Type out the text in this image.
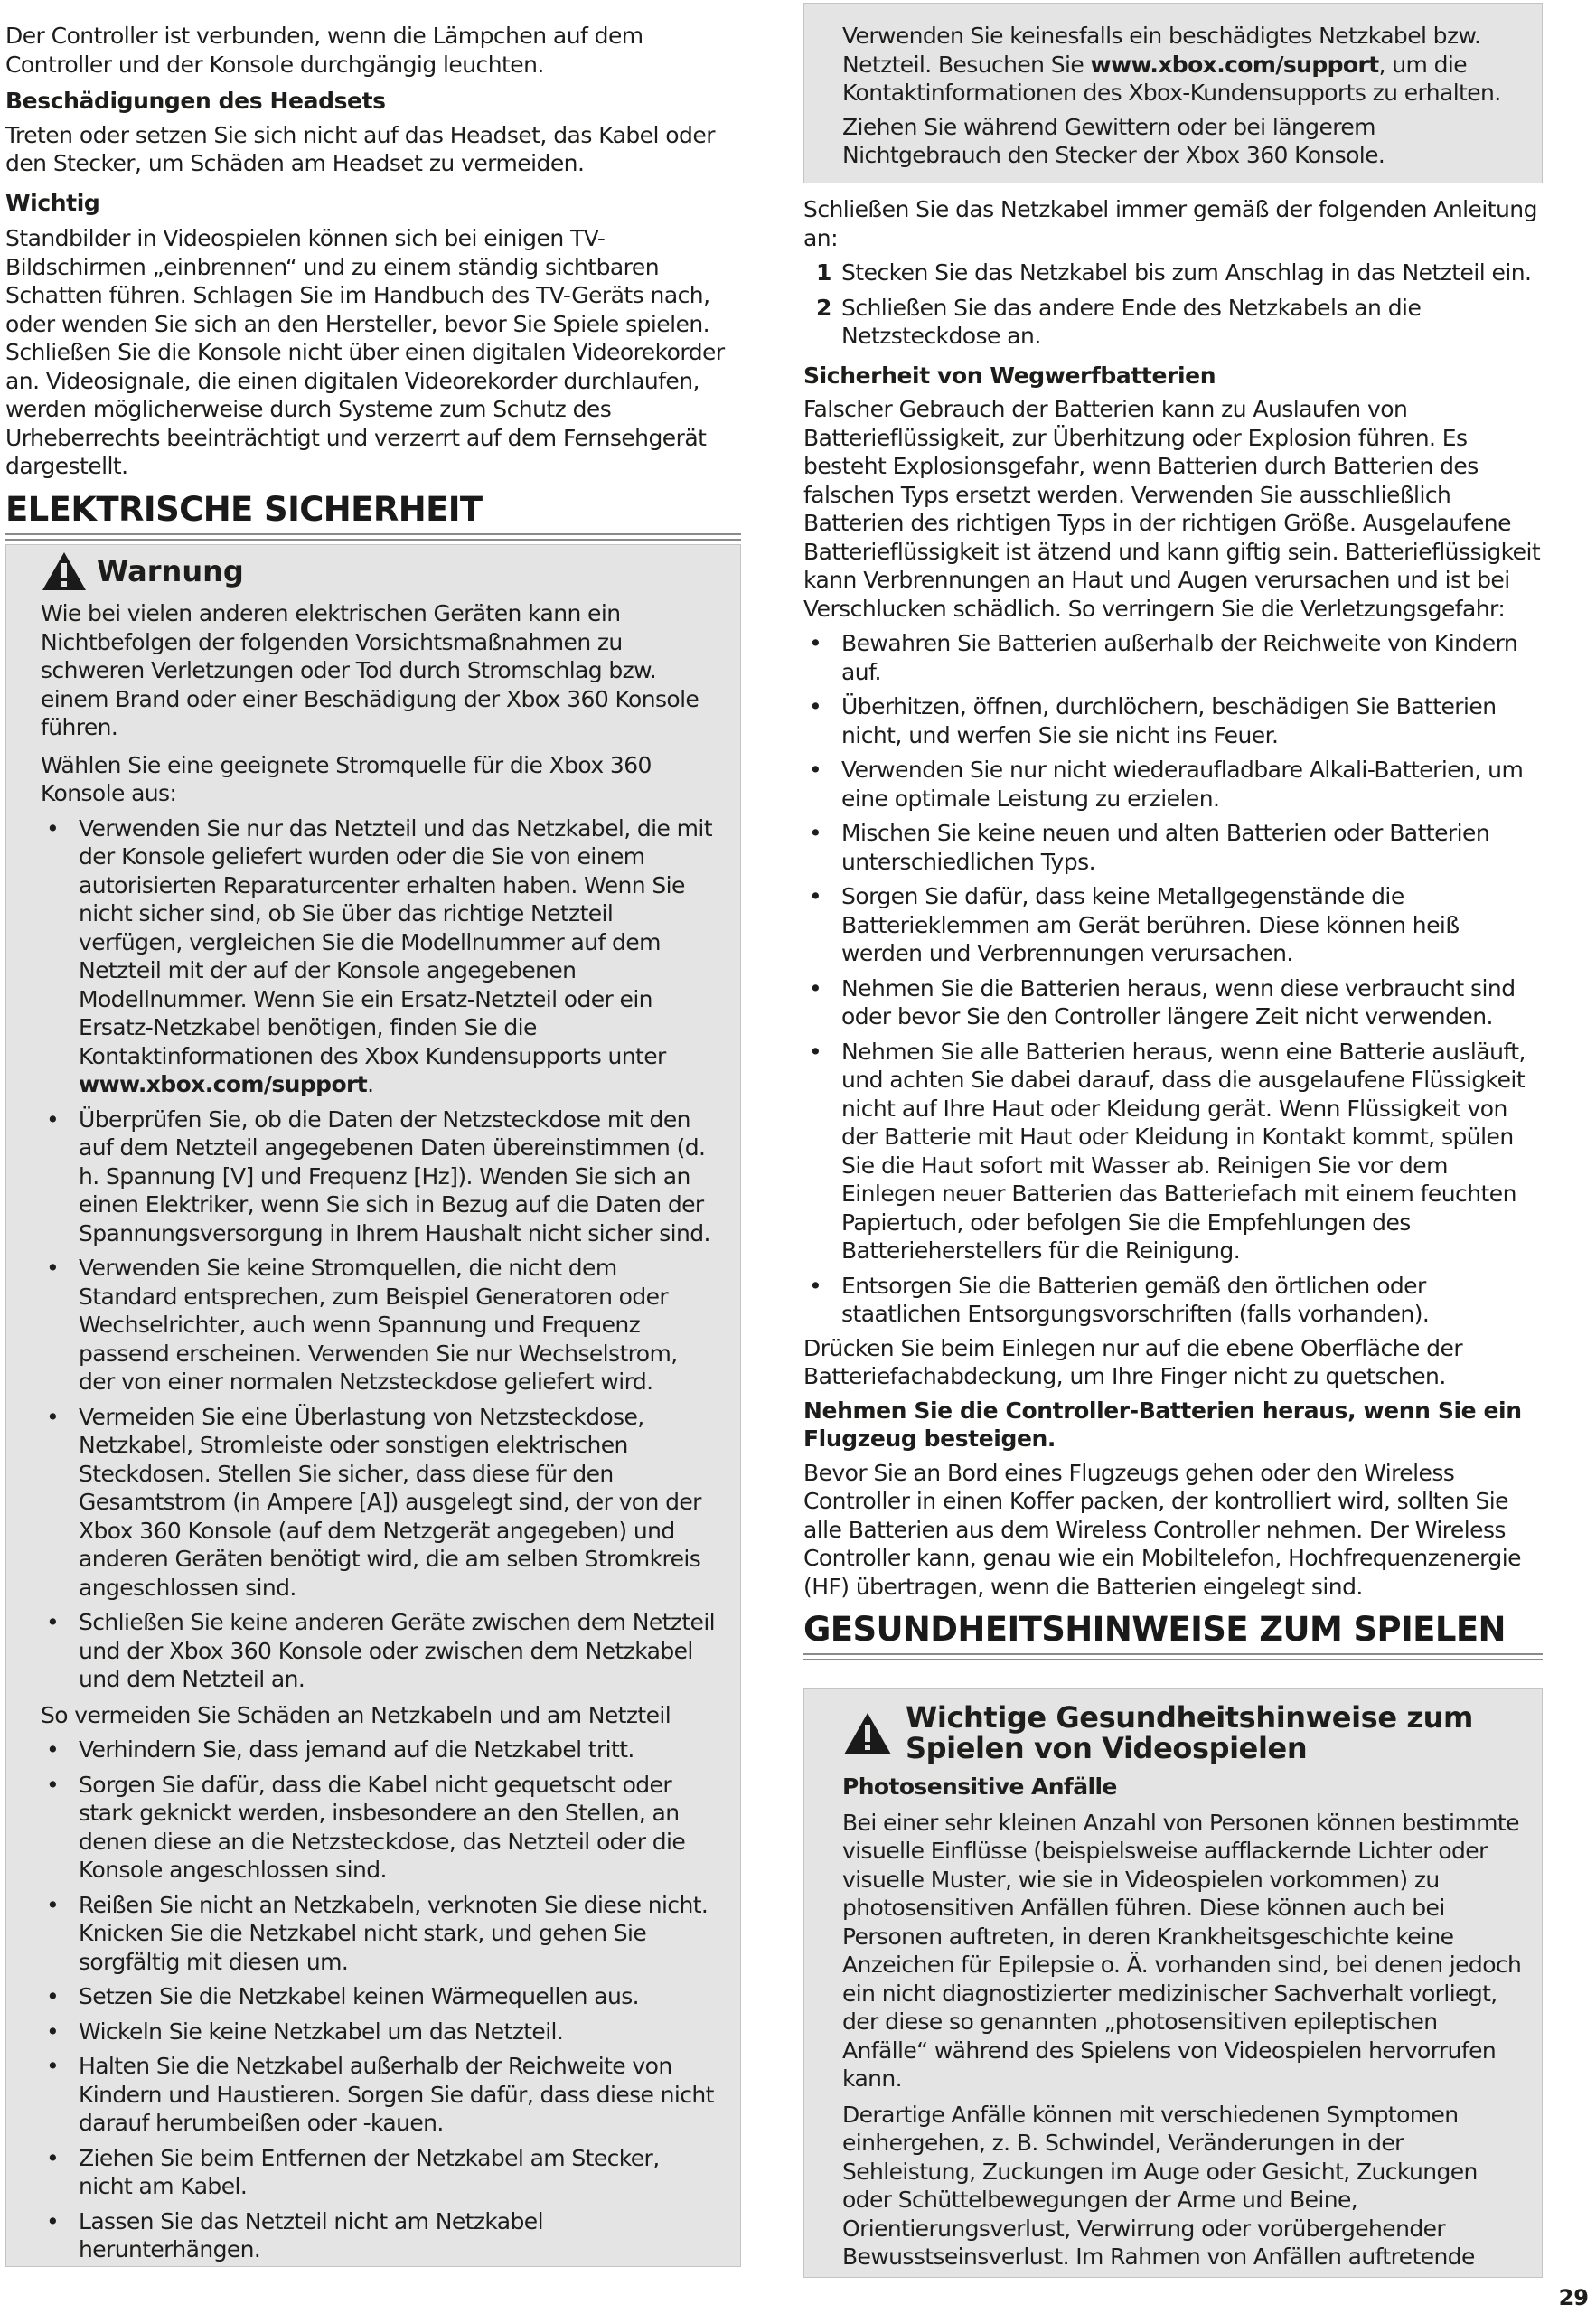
Der Controller ist verbunden, wenn die Lämpchen auf dem Controller und der Konsole durchgängig leuchten.

Beschädigungen des Headsets

Treten oder setzen Sie sich nicht auf das Headset, das Kabel oder den Stecker, um Schäden am Headset zu vermeiden.

Wichtig

Standbilder in Videospielen können sich bei einigen TV-Bildschirmen „einbrennen“ und zu einem ständig sichtbaren Schatten führen. Schlagen Sie im Handbuch des TV-Geräts nach, oder wenden Sie sich an den Hersteller, bevor Sie Spiele spielen. Schließen Sie die Konsole nicht über einen digitalen Videorekorder an. Videosignale, die einen digitalen Videorekorder durchlaufen, werden möglicherweise durch Systeme zum Schutz des Urheberrechts beeinträchtigt und verzerrt auf dem Fernsehgerät dargestellt.

ELEKTRISCHE SICHERHEIT
Warnung

Wie bei vielen anderen elektrischen Geräten kann ein Nichtbefolgen der folgenden Vorsichtsmaßnahmen zu schweren Verletzungen oder Tod durch Stromschlag bzw. einem Brand oder einer Beschädigung der Xbox 360 Konsole führen.

Wählen Sie eine geeignete Stromquelle für die Xbox 360 Konsole aus:

• Verwenden Sie nur das Netzteil und das Netzkabel, die mit der Konsole geliefert wurden oder die Sie von einem autorisierten Reparaturcenter erhalten haben. Wenn Sie nicht sicher sind, ob Sie über das richtige Netzteil verfügen, vergleichen Sie die Modellnummer auf dem Netzteil mit der auf der Konsole angegebenen Modellnummer. Wenn Sie ein Ersatz-Netzteil oder ein Ersatz-Netzkabel benötigen, finden Sie die Kontaktinformationen des Xbox Kundensupports unter www.xbox.com/support.
• Überprüfen Sie, ob die Daten der Netzsteckdose mit den auf dem Netzteil angegebenen Daten übereinstimmen (d. h. Spannung [V] und Frequenz [Hz]). Wenden Sie sich an einen Elektriker, wenn Sie sich in Bezug auf die Daten der Spannungsversorgung in Ihrem Haushalt nicht sicher sind.
• Verwenden Sie keine Stromquellen, die nicht dem Standard entsprechen, zum Beispiel Generatoren oder Wechselrichter, auch wenn Spannung und Frequenz passend erscheinen. Verwenden Sie nur Wechselstrom, der von einer normalen Netzsteckdose geliefert wird.
• Vermeiden Sie eine Überlastung von Netzsteckdose, Netzkabel, Stromleiste oder sonstigen elektrischen Steckdosen. Stellen Sie sicher, dass diese für den Gesamtstrom (in Ampere [A]) ausgelegt sind, der von der Xbox 360 Konsole (auf dem Netzgerät angegeben) und anderen Geräten benötigt wird, die am selben Stromkreis angeschlossen sind.
• Schließen Sie keine anderen Geräte zwischen dem Netzteil und der Xbox 360 Konsole oder zwischen dem Netzkabel und dem Netzteil an.

So vermeiden Sie Schäden an Netzkabeln und am Netzteil

• Verhindern Sie, dass jemand auf die Netzkabel tritt.
• Sorgen Sie dafür, dass die Kabel nicht gequetscht oder stark geknickt werden, insbesondere an den Stellen, an denen diese an die Netzsteckdose, das Netzteil oder die Konsole angeschlossen sind.
• Reißen Sie nicht an Netzkabeln, verknoten Sie diese nicht. Knicken Sie die Netzkabel nicht stark, und gehen Sie sorgfältig mit diesen um.
• Setzen Sie die Netzkabel keinen Wärmequellen aus.
• Wickeln Sie keine Netzkabel um das Netzteil.
• Halten Sie die Netzkabel außerhalb der Reichweite von Kindern und Haustieren. Sorgen Sie dafür, dass diese nicht darauf herumbeißen oder -kauen.
• Ziehen Sie beim Entfernen der Netzkabel am Stecker, nicht am Kabel.
• Lassen Sie das Netzteil nicht am Netzkabel herunterhängen.

Verwenden Sie keinesfalls ein beschädigtes Netzkabel bzw. Netzteil. Besuchen Sie www.xbox.com/support, um die Kontaktinformationen des Xbox-Kundensupports zu erhalten.

Ziehen Sie während Gewittern oder bei längerem Nichtgebrauch den Stecker der Xbox 360 Konsole.

Schließen Sie das Netzkabel immer gemäß der folgenden Anleitung an:

1 Stecken Sie das Netzkabel bis zum Anschlag in das Netzteil ein.
2 Schließen Sie das andere Ende des Netzkabels an die Netzsteckdose an.

Sicherheit von Wegwerfbatterien

Falscher Gebrauch der Batterien kann zu Auslaufen von Batterieflüssigkeit, zur Überhitzung oder Explosion führen. Es besteht Explosionsgefahr, wenn Batterien durch Batterien des falschen Typs ersetzt werden. Verwenden Sie ausschließlich Batterien des richtigen Typs in der richtigen Größe. Ausgelaufene Batterieflüssigkeit ist ätzend und kann giftig sein. Batterieflüssigkeit kann Verbrennungen an Haut und Augen verursachen und ist bei Verschlucken schädlich. So verringern Sie die Verletzungsgefahr:

• Bewahren Sie Batterien außerhalb der Reichweite von Kindern auf.
• Überhitzen, öffnen, durchlöchern, beschädigen Sie Batterien nicht, und werfen Sie sie nicht ins Feuer.
• Verwenden Sie nur nicht wiederaufladbare Alkali-Batterien, um eine optimale Leistung zu erzielen.
• Mischen Sie keine neuen und alten Batterien oder Batterien unterschiedlichen Typs.
• Sorgen Sie dafür, dass keine Metallgegenstände die Batterieklemmen am Gerät berühren. Diese können heiß werden und Verbrennungen verursachen.
• Nehmen Sie die Batterien heraus, wenn diese verbraucht sind oder bevor Sie den Controller längere Zeit nicht verwenden.
• Nehmen Sie alle Batterien heraus, wenn eine Batterie ausläuft, und achten Sie dabei darauf, dass die ausgelaufene Flüssigkeit nicht auf Ihre Haut oder Kleidung gerät. Wenn Flüssigkeit von der Batterie mit Haut oder Kleidung in Kontakt kommt, spülen Sie die Haut sofort mit Wasser ab. Reinigen Sie vor dem Einlegen neuer Batterien das Batteriefach mit einem feuchten Papiertuch, oder befolgen Sie die Empfehlungen des Batterieherstellers für die Reinigung.
• Entsorgen Sie die Batterien gemäß den örtlichen oder staatlichen Entsorgungsvorschriften (falls vorhanden).

Drücken Sie beim Einlegen nur auf die ebene Oberfläche der Batteriefachabdeckung, um Ihre Finger nicht zu quetschen.

Nehmen Sie die Controller-Batterien heraus, wenn Sie ein Flugzeug besteigen.

Bevor Sie an Bord eines Flugzeugs gehen oder den Wireless Controller in einen Koffer packen, der kontrolliert wird, sollten Sie alle Batterien aus dem Wireless Controller nehmen. Der Wireless Controller kann, genau wie ein Mobiltelefon, Hochfrequenzenergie (HF) übertragen, wenn die Batterien eingelegt sind.

GESUNDHEITSHINWEISE ZUM SPIELEN
Wichtige Gesundheitshinweise zum Spielen von Videospielen

Photosensitive Anfälle

Bei einer sehr kleinen Anzahl von Personen können bestimmte visuelle Einflüsse (beispielsweise aufflackernde Lichter oder visuelle Muster, wie sie in Videospielen vorkommen) zu photosensitiven Anfällen führen. Diese können auch bei Personen auftreten, in deren Krankheitsgeschichte keine Anzeichen für Epilepsie o. Ä. vorhanden sind, bei denen jedoch ein nicht diagnostizierter medizinischer Sachverhalt vorliegt, der diese so genannten „photosensitiven epileptischen Anfälle“ während des Spielens von Videospielen hervorrufen kann.

Derartige Anfälle können mit verschiedenen Symptomen einhergehen, z. B. Schwindel, Veränderungen in der Sehleistung, Zuckungen im Auge oder Gesicht, Zuckungen oder Schüttelbewegungen der Arme und Beine, Orientierungsverlust, Verwirrung oder vorübergehender Bewusstseinsverlust. Im Rahmen von Anfällen auftretende

29
